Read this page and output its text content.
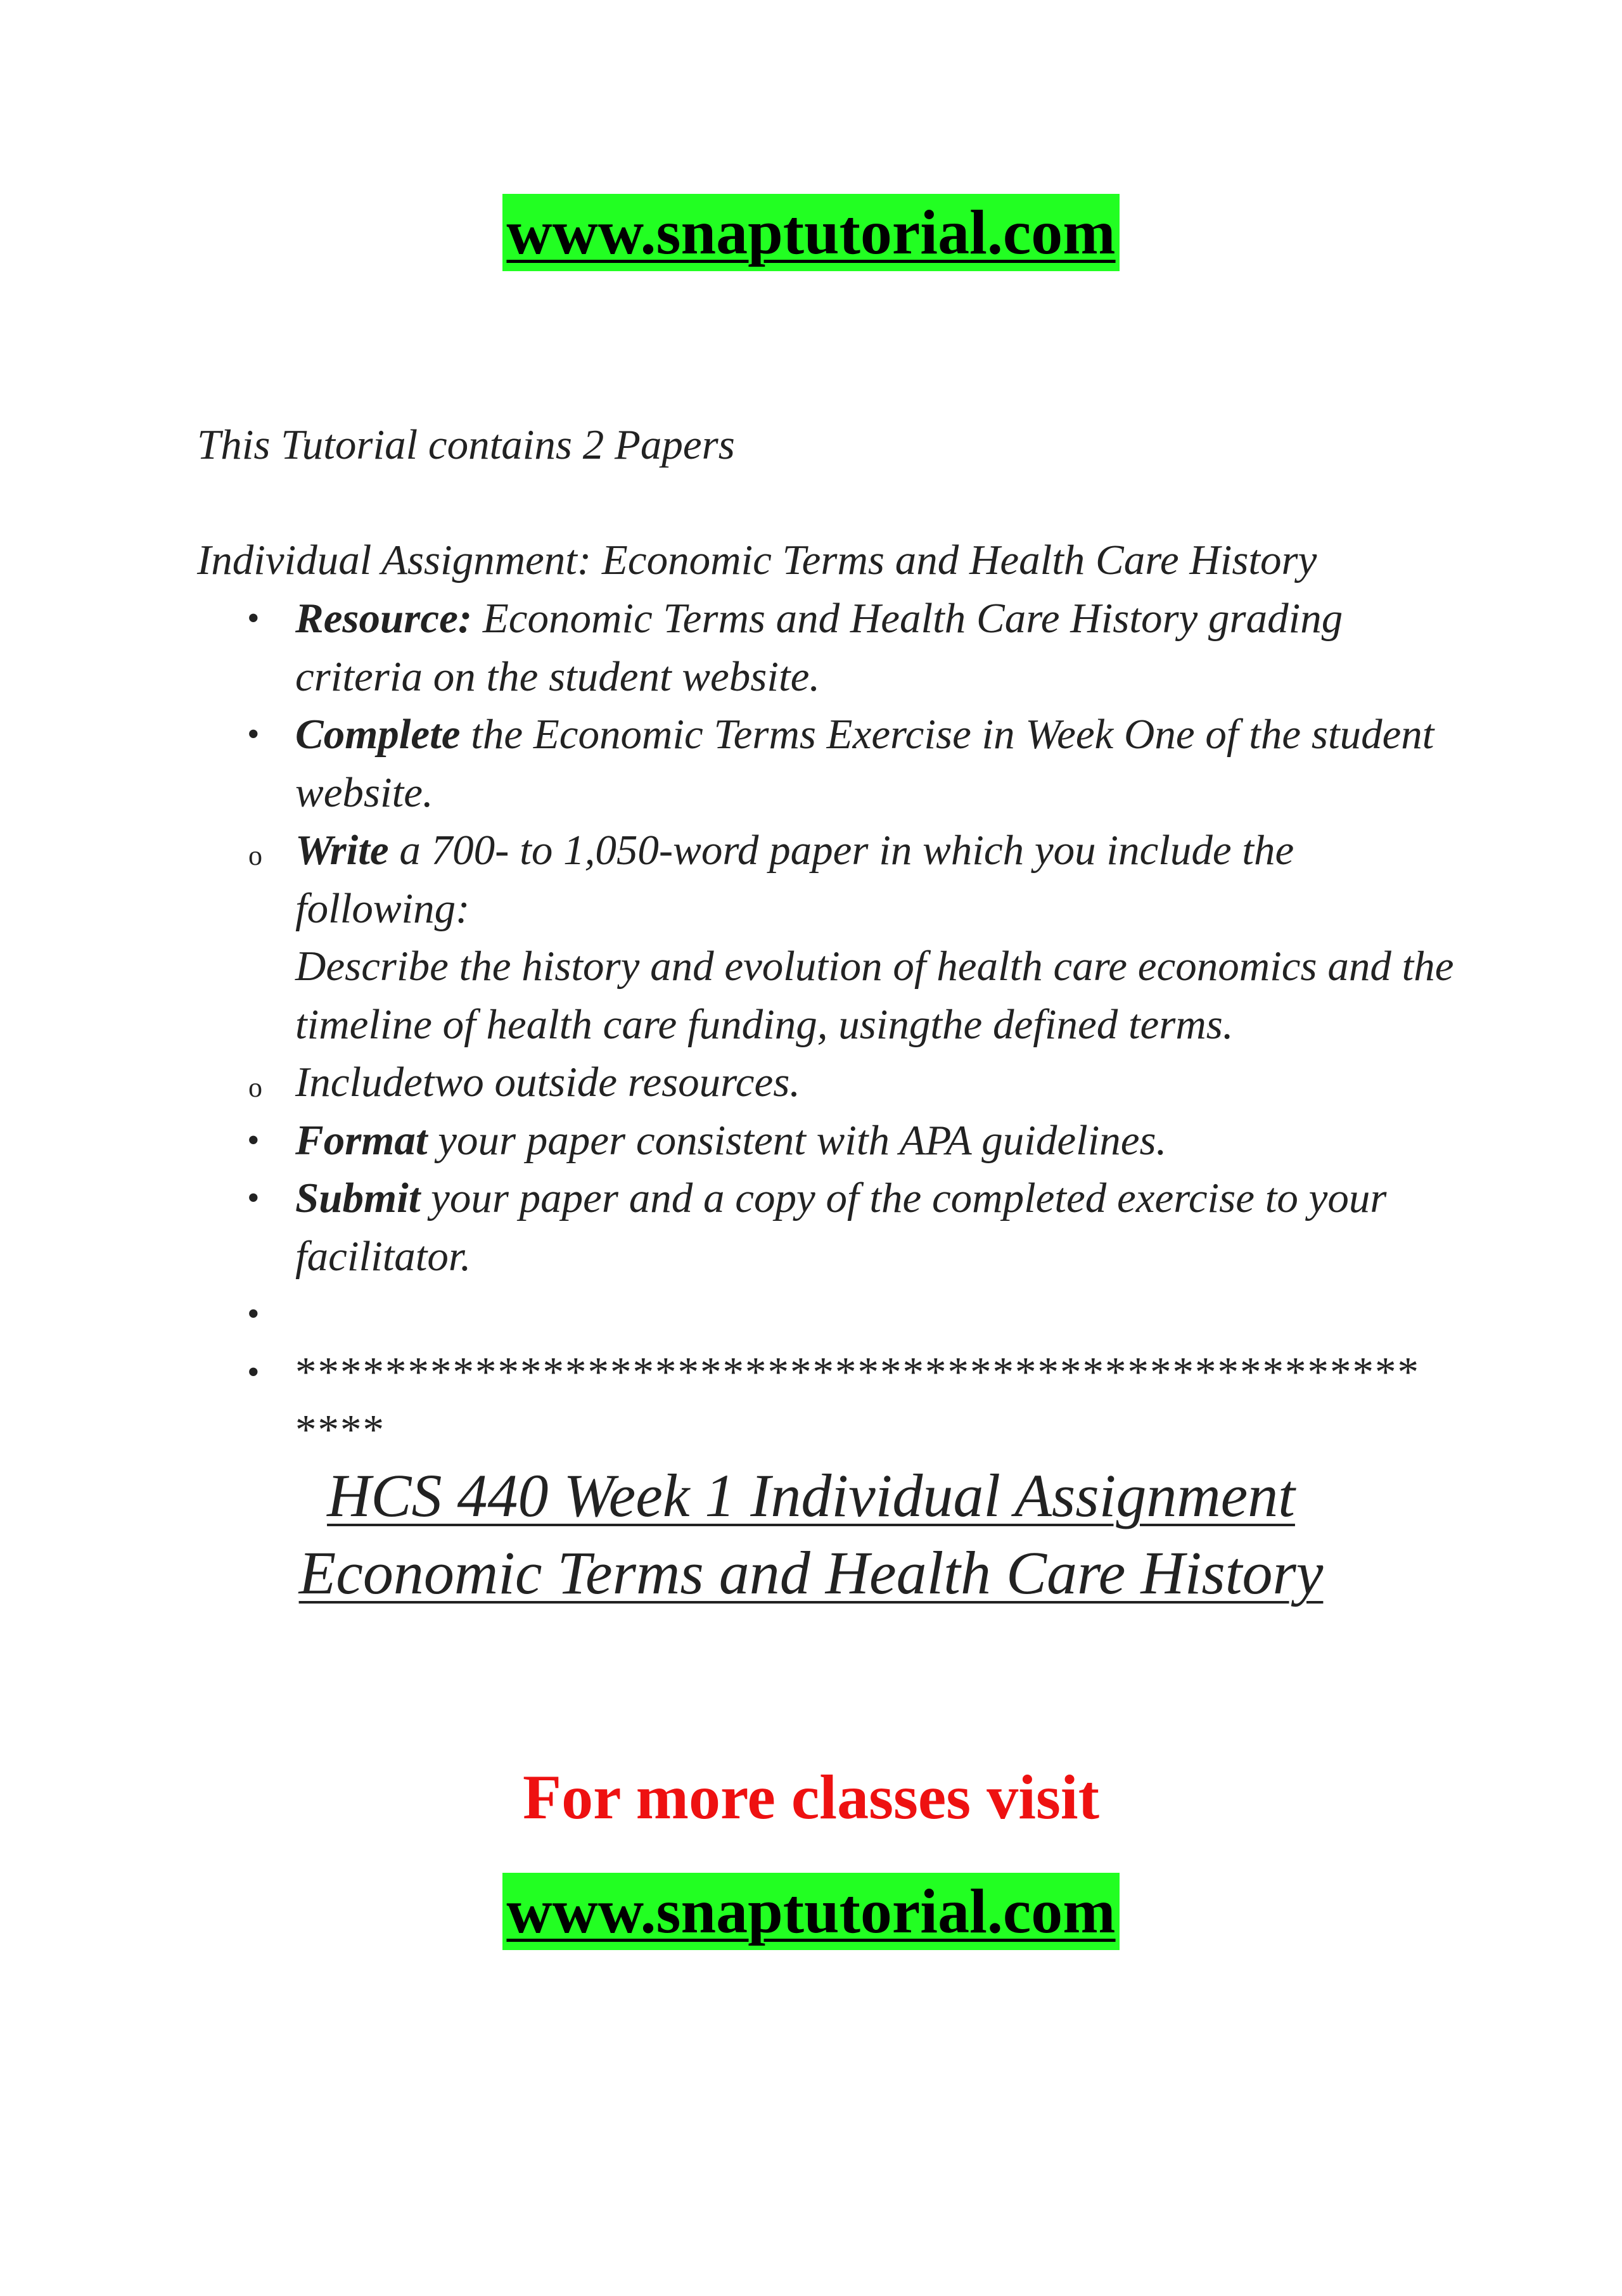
www.snaptutorial.com

This Tutorial contains 2 Papers

Individual Assignment: Economic Terms and Health Care History

• Resource: Economic Terms and Health Care History grading criteria on the student website.
• Complete the Economic Terms Exercise in Week One of the student website.
o Write a 700- to 1,050-word paper in which you include the following:
Describe the history and evolution of health care economics and the timeline of health care funding, usingthe defined terms.
o Includetwo outside resources.
• Format your paper consistent with APA guidelines.
• Submit your paper and a copy of the completed exercise to your facilitator.
•
• ******************************************************
HCS 440 Week 1 Individual Assignment
Economic Terms and Health Care History

For more classes visit

www.snaptutorial.com
